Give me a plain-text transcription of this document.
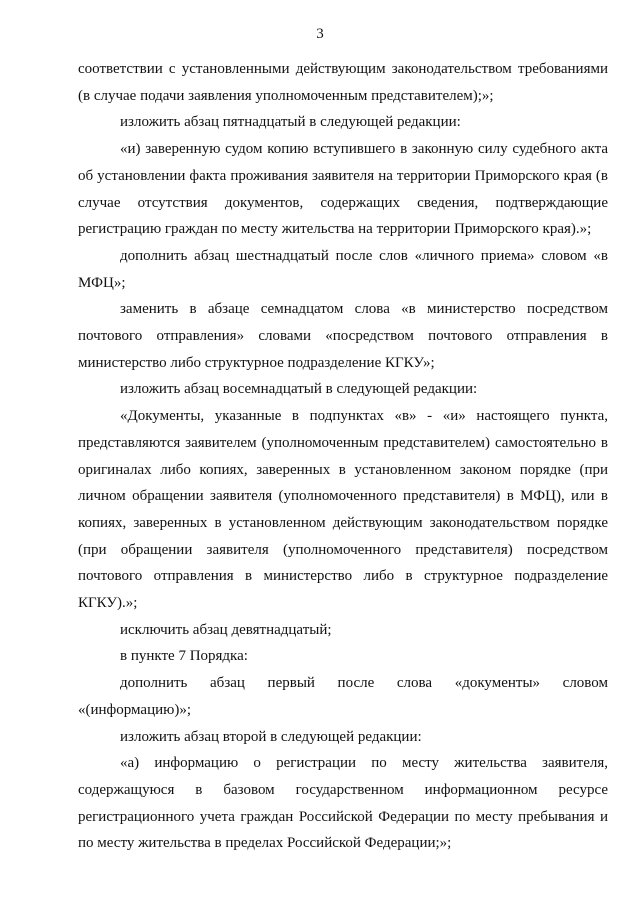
3

соответствии с установленными действующим законодательством требованиями (в случае подачи заявления уполномоченным представителем);»;

изложить абзац пятнадцатый в следующей редакции:

«и) заверенную судом копию вступившего в законную силу судебного акта об установлении факта проживания заявителя на территории Приморского края (в случае отсутствия документов, содержащих сведения, подтверждающие регистрацию граждан по месту жительства на территории Приморского края).»;

дополнить абзац шестнадцатый после слов «личного приема» словом «в МФЦ»;

заменить в абзаце семнадцатом слова «в министерство посредством почтового отправления» словами «посредством почтового отправления в министерство либо структурное подразделение КГКУ»;

изложить абзац восемнадцатый в следующей редакции:

«Документы, указанные в подпунктах «в» - «и» настоящего пункта, представляются заявителем (уполномоченным представителем) самостоятельно в оригиналах либо копиях, заверенных в установленном законом порядке (при личном обращении заявителя (уполномоченного представителя) в МФЦ), или в копиях, заверенных в установленном действующим законодательством порядке (при обращении заявителя (уполномоченного представителя) посредством почтового отправления в министерство либо в структурное подразделение КГКУ).»;

исключить абзац девятнадцатый;

в пункте 7 Порядка:

дополнить абзац первый после слова «документы» словом «(информацию)»;

изложить абзац второй в следующей редакции:

«а) информацию о регистрации по месту жительства заявителя, содержащуюся в базовом государственном информационном ресурсе регистрационного учета граждан Российской Федерации по месту пребывания и по месту жительства в пределах Российской Федерации;»;
